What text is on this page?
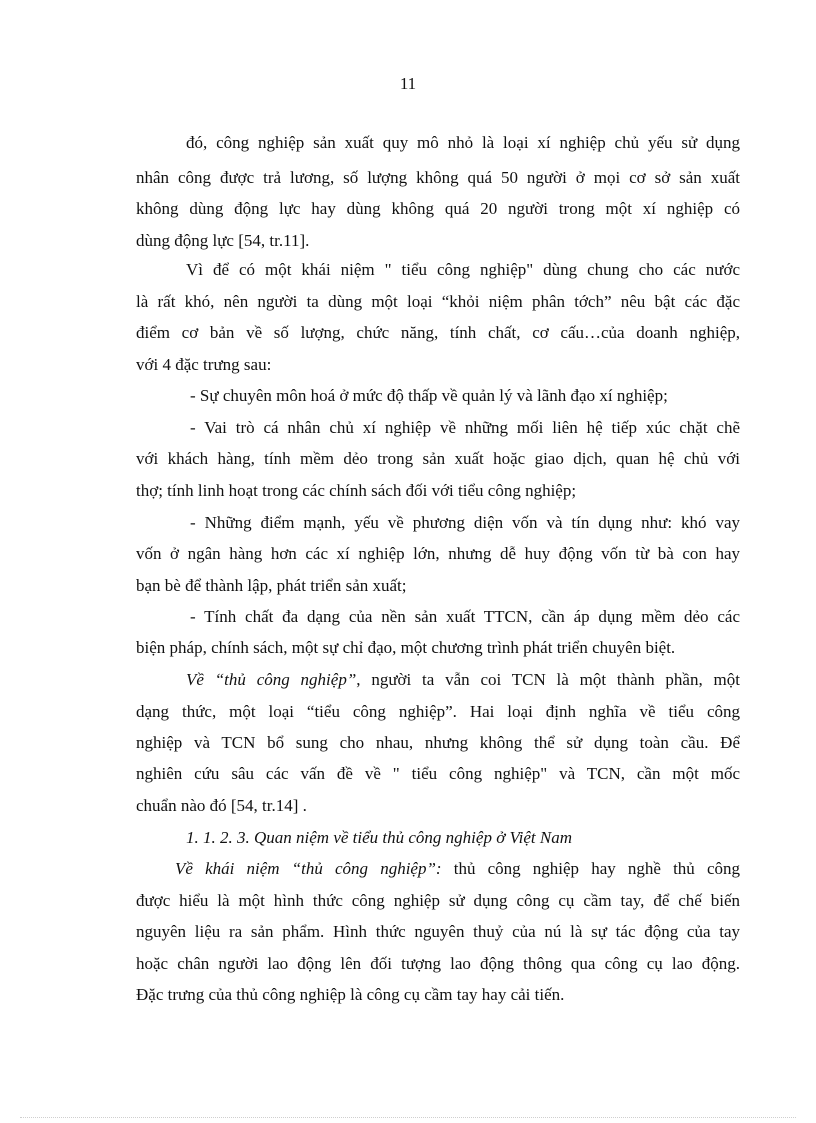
11
đó, công nghiệp sản xuất quy mô nhỏ là loại xí nghiệp chủ yếu sử dụng
nhân công được trả lương, số lượng không quá 50 người ở mọi cơ sở sản xuất
không dùng động lực hay dùng không quá 20 người trong một xí nghiệp có
dùng động lực [54, tr.11].
Vì để có một khái niệm " tiểu công nghiệp" dùng chung cho các nước
là rất khó, nên người ta dùng một loại “khỏi niệm phân tớch” nêu bật các đặc
điểm cơ bản về số lượng, chức năng, tính chất, cơ cấu…của doanh nghiệp,
với 4 đặc trưng sau:
- Sự chuyên môn hoá ở mức độ thấp về quản lý và lãnh đạo xí nghiệp;
- Vai trò cá nhân chủ xí nghiệp về những mối liên hệ tiếp xúc chặt chẽ
với khách hàng, tính mềm dẻo trong sản xuất hoặc giao dịch, quan hệ chủ với
thợ; tính linh hoạt trong các chính sách đối với tiểu công nghiệp;
- Những điểm mạnh, yếu về phương diện vốn và tín dụng như: khó vay
vốn ở ngân hàng hơn các xí nghiệp lớn, nhưng dễ huy động vốn từ bà con hay
bạn bè để thành lập, phát triển sản xuất;
- Tính chất đa dạng của nền sản xuất TTCN, cần áp dụng mềm dẻo các
biện pháp, chính sách, một sự chỉ đạo, một chương trình phát triển chuyên biệt.
Về “thủ công nghiệp”, người ta vẫn coi TCN là một thành phần, một
dạng thức, một loại “tiểu công nghiệp”. Hai loại định nghĩa về tiểu công
nghiệp và TCN bổ sung cho nhau, nhưng không thể sử dụng toàn cầu. Để
nghiên cứu sâu các vấn đề về " tiểu công nghiệp" và TCN, cần một mốc
chuẩn nào đó [54, tr.14] .
1. 1. 2. 3. Quan niệm về tiểu thủ công nghiệp ở Việt Nam
Về khái niệm “thủ công nghiệp”: thủ công nghiệp hay nghề thủ công
được hiểu là một hình thức công nghiệp sử dụng công cụ cầm tay, để chế biến
nguyên liệu ra sản phẩm. Hình thức nguyên thuỷ của nú là sự tác động của tay
hoặc chân người lao động lên đối tượng lao động thông qua công cụ lao động.
Đặc trưng của thủ công nghiệp là công cụ cầm tay hay cải tiến.
